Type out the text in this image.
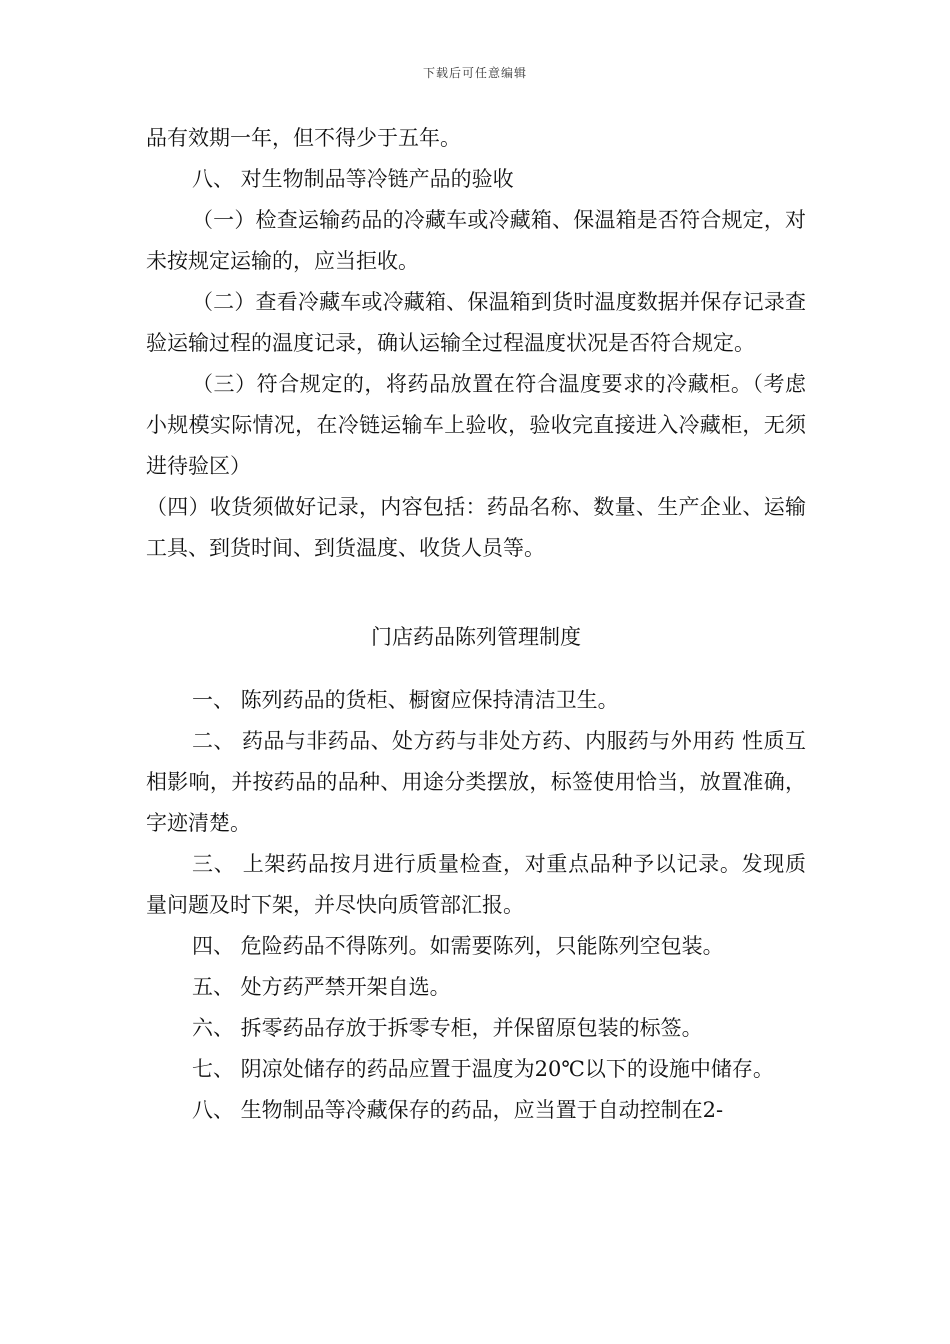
下载后可任意编辑

品有效期一年，但不得少于五年。

八、 对生物制品等冷链产品的验收

（一）检查运输药品的冷藏车或冷藏箱、保温箱是否符合规定，对未按规定运输的，应当拒收。

（二）查看冷藏车或冷藏箱、保温箱到货时温度数据并保存记录查验运输过程的温度记录，确认运输全过程温度状况是否符合规定。

（三）符合规定的，将药品放置在符合温度要求的冷藏柜。（考虑小规模实际情况，在冷链运输车上验收，验收完直接进入冷藏柜，无须进待验区）

（四）收货须做好记录，内容包括：药品名称、数量、生产企业、运输工具、到货时间、到货温度、收货人员等。

门店药品陈列管理制度

一、 陈列药品的货柜、橱窗应保持清洁卫生。

二、 药品与非药品、处方药与非处方药、内服药与外用药 性质互相影响，并按药品的品种、用途分类摆放，标签使用恰当，放置准确，字迹清楚。

三、 上架药品按月进行质量检查，对重点品种予以记录。发现质量问题及时下架，并尽快向质管部汇报。

四、 危险药品不得陈列。如需要陈列，只能陈列空包装。

五、 处方药严禁开架自选。

六、 拆零药品存放于拆零专柜，并保留原包装的标签。

七、 阴凉处储存的药品应置于温度为20℃以下的设施中储存。

八、 生物制品等冷藏保存的药品，应当置于自动控制在2-
